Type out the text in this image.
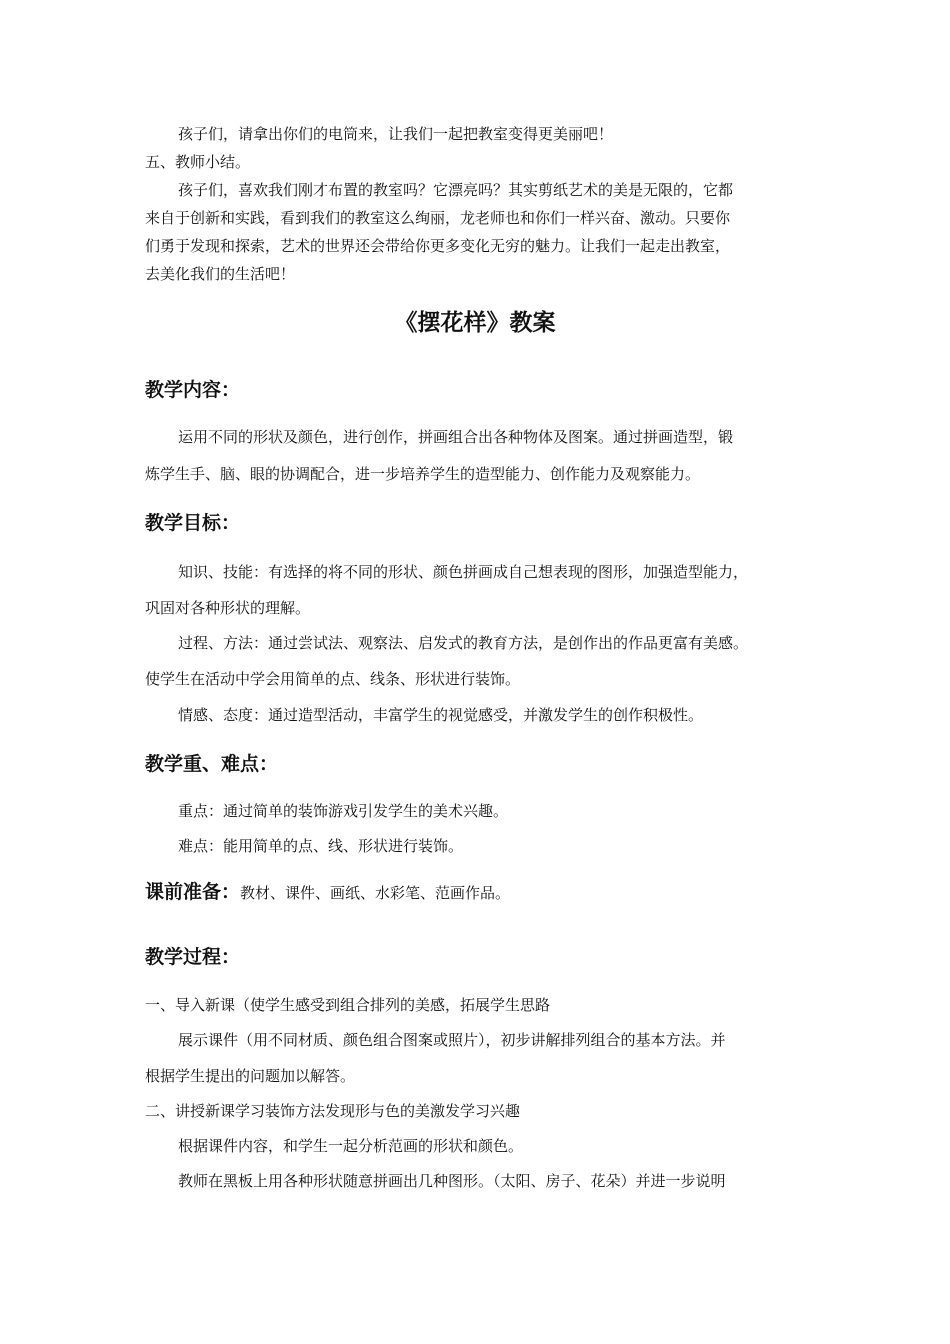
孩子们，请拿出你们的电筒来，让我们一起把教室变得更美丽吧！
五、教师小结。
孩子们，喜欢我们刚才布置的教室吗？它漂亮吗？其实剪纸艺术的美是无限的，它都
来自于创新和实践，看到我们的教室这么绚丽，龙老师也和你们一样兴奋、激动。只要你
们勇于发现和探索，艺术的世界还会带给你更多变化无穷的魅力。让我们一起走出教室，
去美化我们的生活吧！
《摆花样》教案
教学内容：
运用不同的形状及颜色，进行创作，拼画组合出各种物体及图案。通过拼画造型，锻
炼学生手、脑、眼的协调配合，进一步培养学生的造型能力、创作能力及观察能力。
教学目标：
知识、技能：有选择的将不同的形状、颜色拼画成自己想表现的图形，加强造型能力，
巩固对各种形状的理解。
过程、方法：通过尝试法、观察法、启发式的教育方法，是创作出的作品更富有美感。
使学生在活动中学会用简单的点、线条、形状进行装饰。
情感、态度：通过造型活动，丰富学生的视觉感受，并激发学生的创作积极性。
教学重、难点：
重点：通过简单的装饰游戏引发学生的美术兴趣。
难点：能用简单的点、线、形状进行装饰。
课前准备：教材、课件、画纸、水彩笔、范画作品。
教学过程：
一、导入新课（使学生感受到组合排列的美感，拓展学生思路
展示课件（用不同材质、颜色组合图案或照片），初步讲解排列组合的基本方法。并
根据学生提出的问题加以解答。
二、讲授新课学习装饰方法发现形与色的美激发学习兴趣
根据课件内容，和学生一起分析范画的形状和颜色。
教师在黑板上用各种形状随意拼画出几种图形。（太阳、房子、花朵）并进一步说明
